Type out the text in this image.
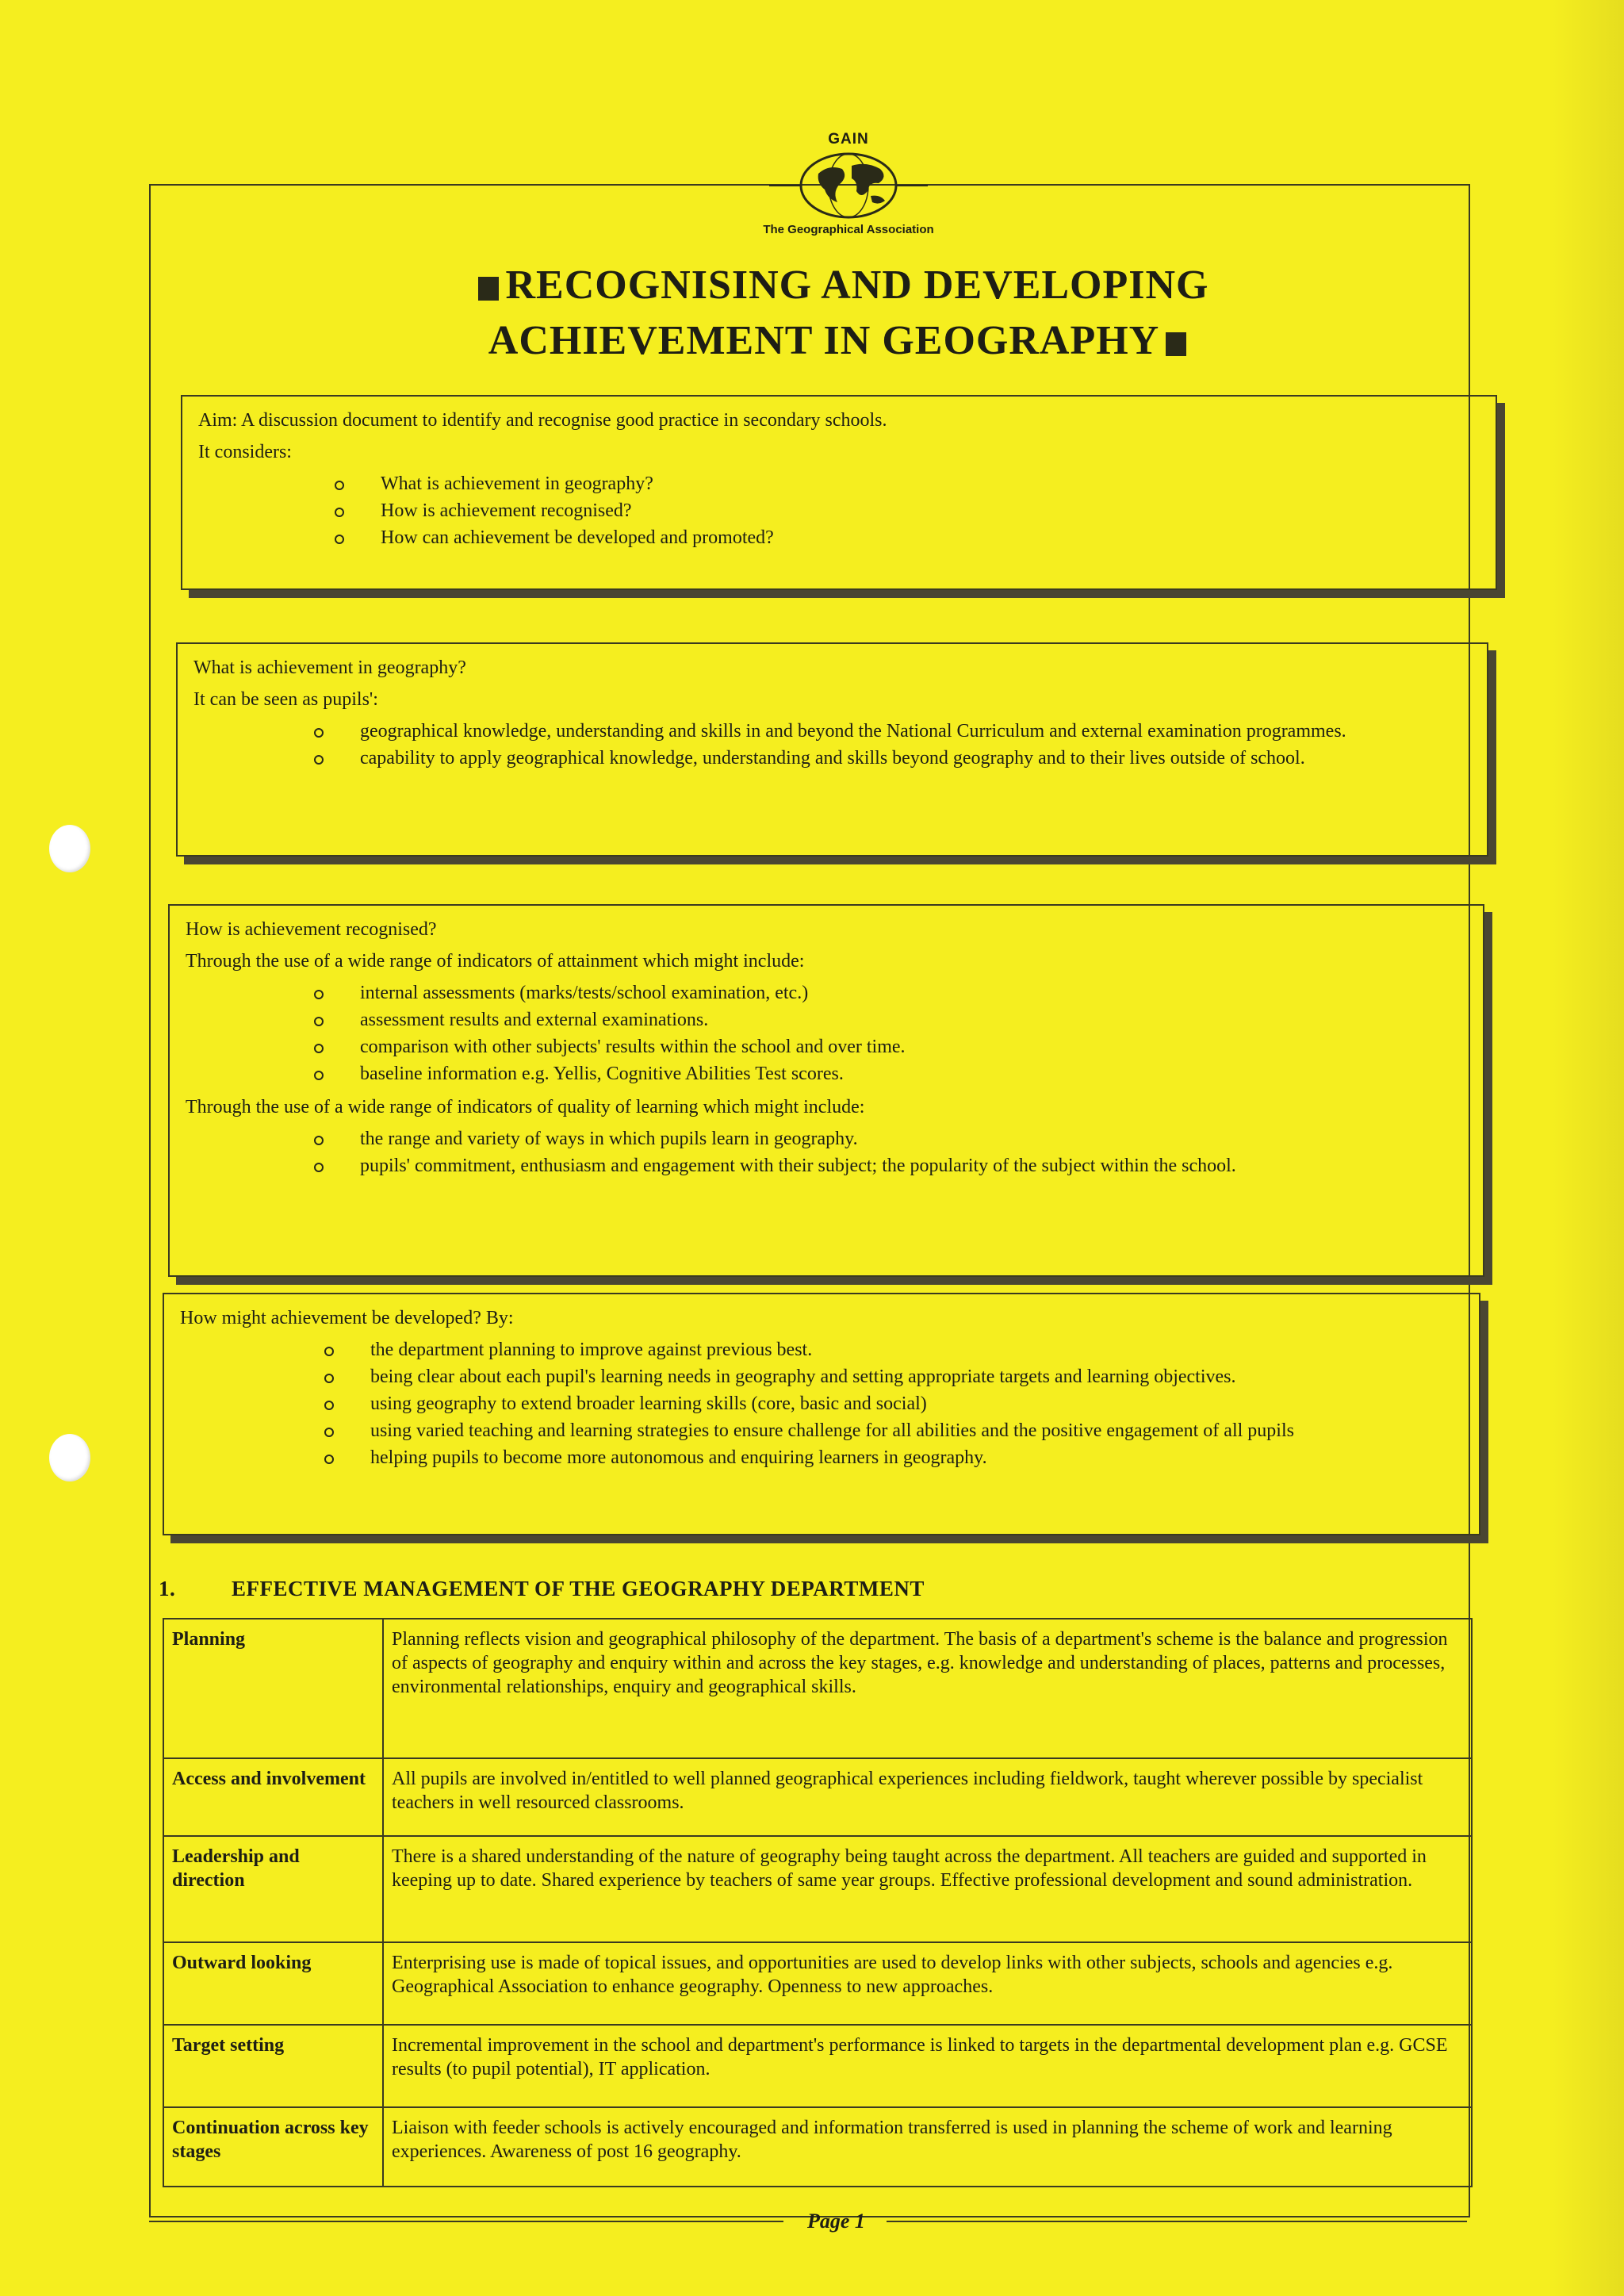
GAIN
The Geographical Association
RECOGNISING AND DEVELOPING
ACHIEVEMENT IN GEOGRAPHY

Aim: A discussion document to identify and recognise good practice in secondary schools.

It considers:

What is achievement in geography?
How is achievement recognised?
How can achievement be developed and promoted?

What is achievement in geography?

It can be seen as pupils':

geographical knowledge, understanding and skills in and beyond the National Curriculum and external examination programmes.
capability to apply geographical knowledge, understanding and skills beyond geography and to their lives outside of school.

How is achievement recognised?

Through the use of a wide range of indicators of attainment which might include:

internal assessments (marks/tests/school examination, etc.)
assessment results and external examinations.
comparison with other subjects' results within the school and over time.
baseline information e.g. Yellis, Cognitive Abilities Test scores.

Through the use of a wide range of indicators of quality of learning which might include:

the range and variety of ways in which pupils learn in geography.
pupils' commitment, enthusiasm and engagement with their subject; the popularity of the subject within the school.

How might achievement be developed? By:

the department planning to improve against previous best.
being clear about each pupil's learning needs in geography and setting appropriate targets and learning objectives.
using geography to extend broader learning skills (core, basic and social)
using varied teaching and learning strategies to ensure challenge for all abilities and the positive engagement of all pupils
helping pupils to become more autonomous and enquiring learners in geography.
1.	EFFECTIVE MANAGEMENT OF THE GEOGRAPHY DEPARTMENT
Planning	Planning reflects vision and geographical philosophy of the department. The basis of a department's scheme is the balance and progression of aspects of geography and enquiry within and across the key stages, e.g. knowledge and understanding of places, patterns and processes, environmental relationships, enquiry and geographical skills.
Access and involvement	All pupils are involved in/entitled to well planned geographical experiences including fieldwork, taught wherever possible by specialist teachers in well resourced classrooms.
Leadership and direction	There is a shared understanding of the nature of geography being taught across the department. All teachers are guided and supported in keeping up to date. Shared experience by teachers of same year groups. Effective professional development and sound administration.
Outward looking	Enterprising use is made of topical issues, and opportunities are used to develop links with other subjects, schools and agencies e.g. Geographical Association to enhance geography. Openness to new approaches.
Target setting	Incremental improvement in the school and department's performance is linked to targets in the departmental development plan e.g. GCSE results (to pupil potential), IT application.
Continuation across key stages	Liaison with feeder schools is actively encouraged and information transferred is used in planning the scheme of work and learning experiences. Awareness of post 16 geography.
Page 1
